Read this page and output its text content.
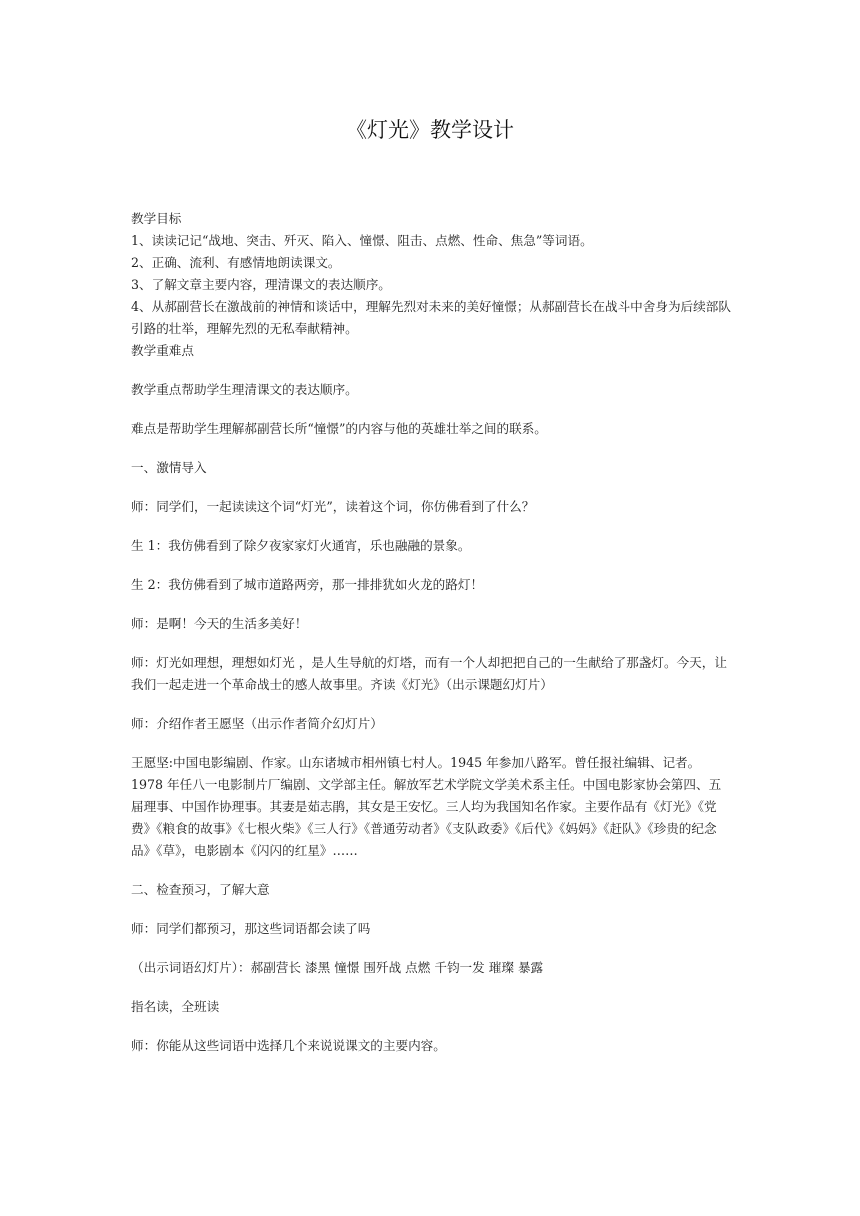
《灯光》教学设计

教学目标

1、读读记记“战地、突击、歼灭、陷入、憧憬、阻击、点燃、性命、焦急”等词语。

2、正确、流利、有感情地朗读课文。

3、了解文章主要内容，理清课文的表达顺序。

4、从郝副营长在激战前的神情和谈话中，理解先烈对未来的美好憧憬；从郝副营长在战斗中舍身为后续部队引路的壮举，理解先烈的无私奉献精神。

教学重难点

教学重点帮助学生理清课文的表达顺序。

难点是帮助学生理解郝副营长所“憧憬”的内容与他的英雄壮举之间的联系。

一、激情导入

师：同学们，一起读读这个词“灯光”，读着这个词，你仿佛看到了什么？

生 1：我仿佛看到了除夕夜家家灯火通宵，乐也融融的景象。

生 2：我仿佛看到了城市道路两旁，那一排排犹如火龙的路灯！

师：是啊！今天的生活多美好！

师：灯光如理想，理想如灯光 ，是人生导航的灯塔，而有一个人却把把自己的一生献给了那盏灯。今天，让我们一起走进一个革命战士的感人故事里。齐读《灯光》（出示课题幻灯片）

师：介绍作者王愿坚（出示作者简介幻灯片）

王愿坚:中国电影编剧、作家。山东诸城市相州镇七村人。1945 年参加八路军。曾任报社编辑、记者。1978 年任八一电影制片厂编剧、文学部主任。解放军艺术学院文学美术系主任。中国电影家协会第四、五届理事、中国作协理事。其妻是茹志鹃，其女是王安忆。三人均为我国知名作家。主要作品有《灯光》《党费》《粮食的故事》《七根火柴》《三人行》《普通劳动者》《支队政委》《后代》《妈妈》《赶队》《珍贵的纪念品》《草》，电影剧本《闪闪的红星》……

二、检查预习，了解大意

师：同学们都预习，那这些词语都会读了吗

（出示词语幻灯片）：郝副营长 漆黑 憧憬 围歼战 点燃 千钧一发 璀璨 暴露

指名读，全班读

师：你能从这些词语中选择几个来说说课文的主要内容。
